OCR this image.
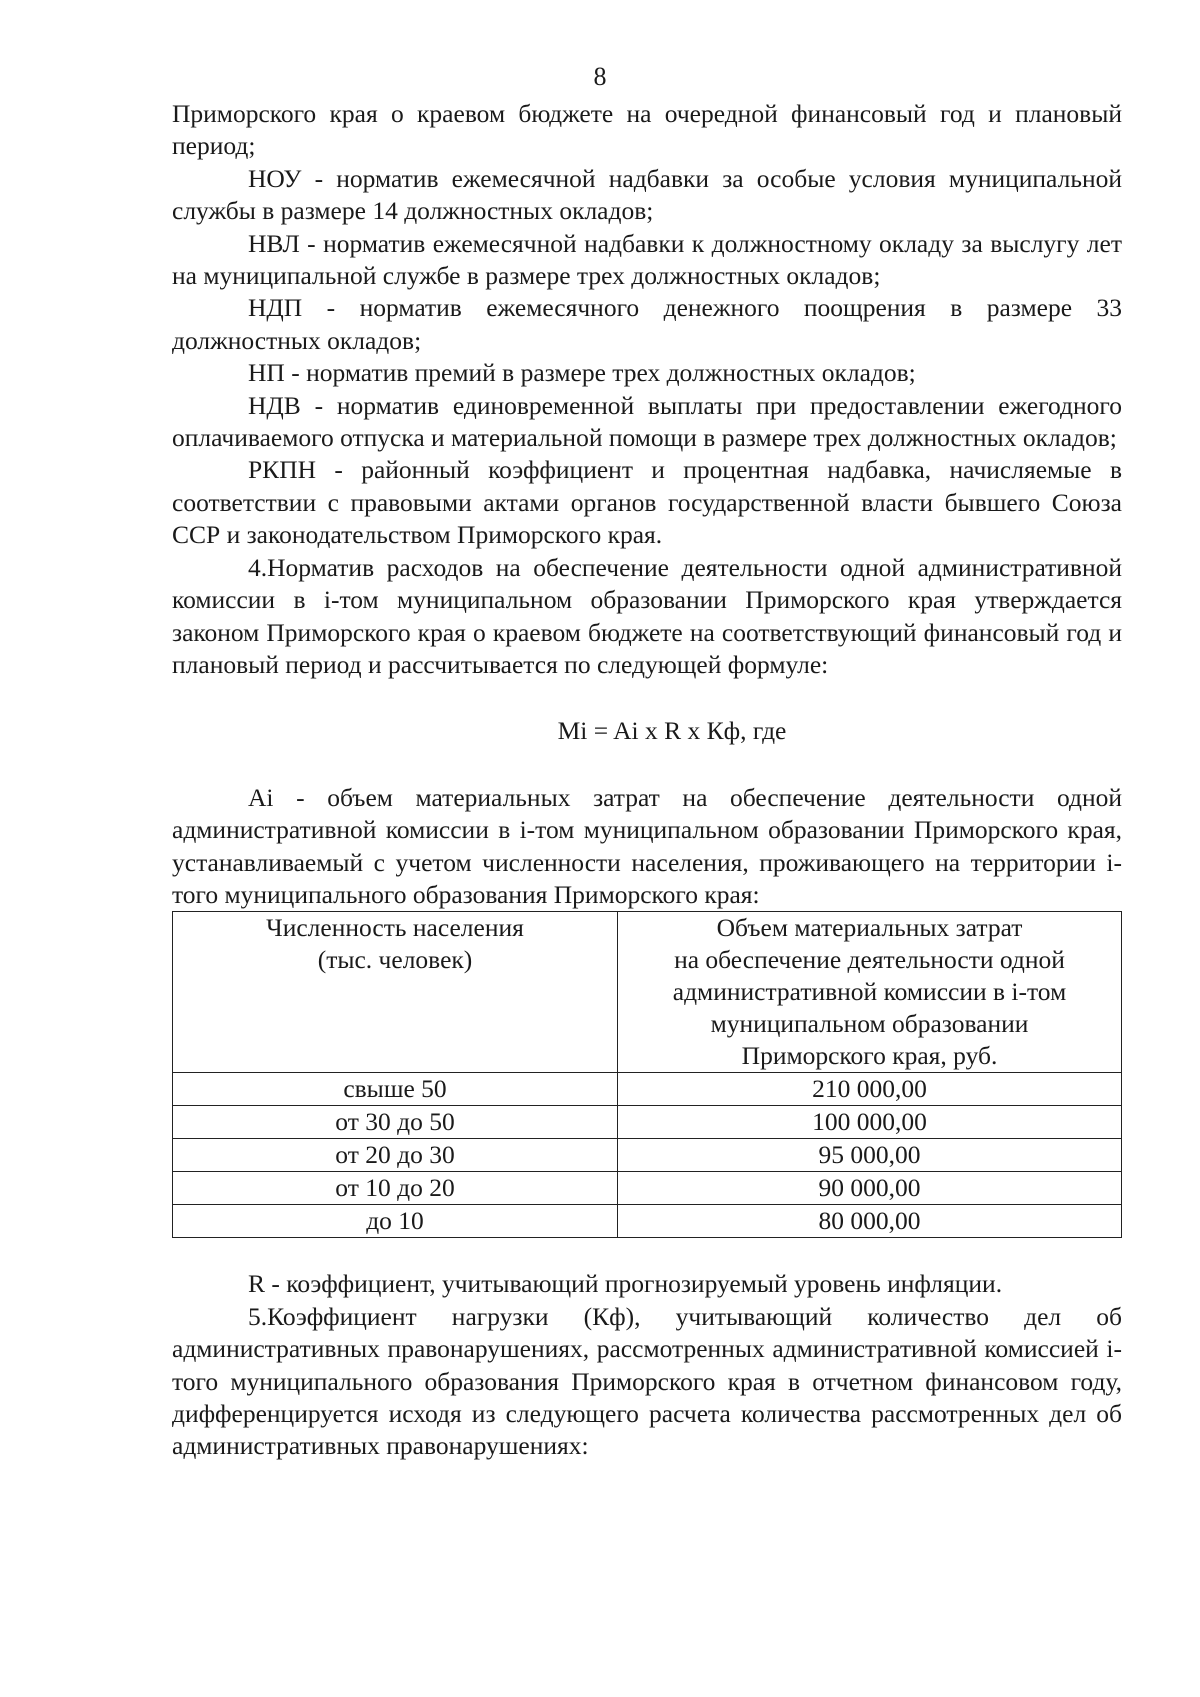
8

Приморского края о краевом бюджете на очередной финансовый год и плановый период;

НОУ - норматив ежемесячной надбавки за особые условия муниципальной службы в размере 14 должностных окладов;

НВЛ - норматив ежемесячной надбавки к должностному окладу за выслугу лет на муниципальной службе в размере трех должностных окладов;

НДП - норматив ежемесячного денежного поощрения в размере 33 должностных окладов;

НП - норматив премий в размере трех должностных окладов;

НДВ - норматив единовременной выплаты при предоставлении ежегодного оплачиваемого отпуска и материальной помощи в размере трех должностных окладов;

РКПН - районный коэффициент и процентная надбавка, начисляемые в соответствии с правовыми актами органов государственной власти бывшего Союза ССР и законодательством Приморского края.

4.Норматив расходов на обеспечение деятельности одной административной комиссии в i-том муниципальном образовании Приморского края утверждается законом Приморского края о краевом бюджете на соответствующий финансовый год и плановый период и рассчитывается по следующей формуле:

Mi = Ai x R x Кф, где

Ai - объем материальных затрат на обеспечение деятельности одной административной комиссии в i-том муниципальном образовании Приморского края, устанавливаемый с учетом численности населения, проживающего на территории i-того муниципального образования Приморского края:

Численность населения
(тыс. человек)	Объем материальных затрат
на обеспечение деятельности одной
административной комиссии в i-том
муниципальном образовании
Приморского края, руб.

свыше 50	210 000,00
от 30 до 50	100 000,00
от 20 до 30	95 000,00
от 10 до 20	90 000,00
до 10	80 000,00

R - коэффициент, учитывающий прогнозируемый уровень инфляции.

5.Коэффициент нагрузки (Кф), учитывающий количество дел об административных правонарушениях, рассмотренных административной комиссией i-того муниципального образования Приморского края в отчетном финансовом году, дифференцируется исходя из следующего расчета количества рассмотренных дел об административных правонарушениях:
